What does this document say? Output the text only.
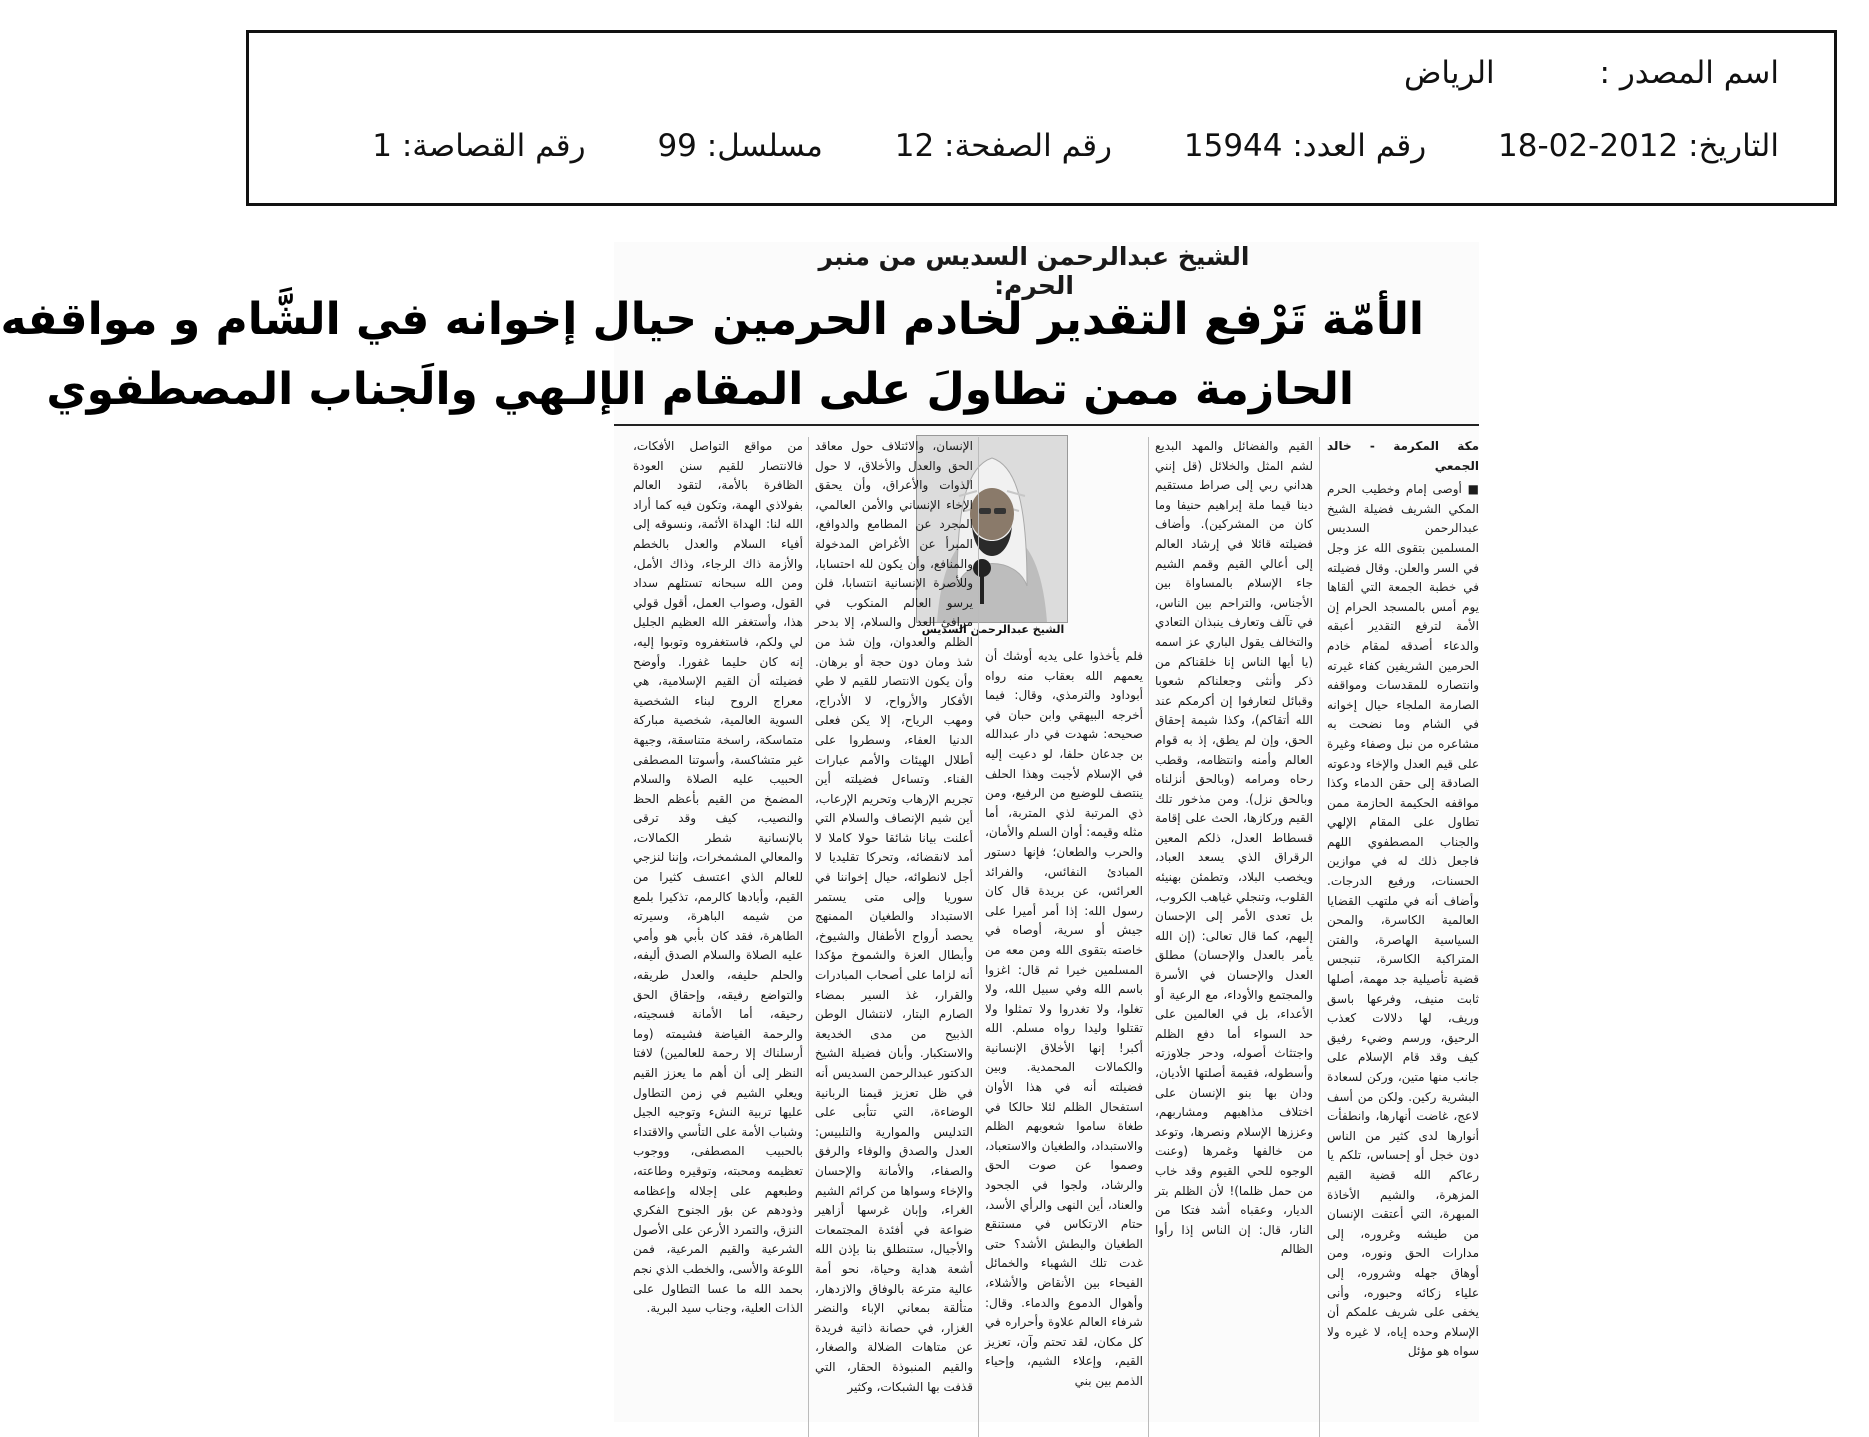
اسم المصدر : الرياض
التاريخ: 2012-02-18 رقم العدد: 15944 رقم الصفحة: 12 مسلسل: 99 رقم القصاصة: 1
الشيخ عبدالرحمن السديس من منبر الحرم:
الأمّة تَرْفع التقدير لخادم الحرمين حيال إخوانه في الشَّام و مواقفه
الحازمة ممن تطاولَ على المقام الإلـهي والَجناب المصطفوي
مكة المكرمة - خالد الجمعي

■ أوصى إمام وخطيب الحرم المكي الشريف فضيلة الشيخ عبدالرحمن السديس المسلمين بتقوى الله عز وجل في السر والعلن. وقال فضيلته في خطبة الجمعة التي ألقاها يوم أمس بالمسجد الحرام إن الأمة لترفع التقدير أعبقه والدعاء أصدقه لمقام خادم الحرمين الشريفين كفاء غيرته وانتصاره للمقدسات ومواقفه الصارمة الملجاء حيال إخوانه في الشام وما نضحت به مشاعره من نبل وصفاء وغيرة على قيم العدل والإخاء ودعوته الصادقة إلى حقن الدماء وكذا مواقفه الحكيمة الحازمة ممن تطاول على المقام الإلهي والجناب المصطفوي اللهم فاجعل ذلك له في موازين الحسنات، ورفيع الدرجات. وأضاف أنه في ملتهب القضايا العالمية الكاسرة، والمحن السياسية الهاصرة، والفتن المتراكبة الكاسرة، تنبجس قضية تأصيلية جد مهمة، أصلها ثابت منيف، وفرعها باسق وريف، لها دلالات كعذب الرحيق، ورسم وضيء رفيق كيف وقد قام الإسلام على جانب منها متين، وركن لسعادة البشرية ركين. ولكن من أسف لاعج، غاضت أنهارها، وانطفأت أنوارها لدى كثير من الناس دون خجل أو إحساس، تلكم يا رعاكم الله قضية القيم المزهرة، والشيم الأخاذة المبهرة، التي أعتقت الإنسان من طيشه وغروره، إلى مدارات الحق ونوره، ومن أوهاق جهله وشروره، إلى علياء زكائه وحبوره، وأنى يخفى على شريف علمكم أن الإسلام وحده إياه، لا غيره ولا سواه هو مؤئل

القيم والفضائل والمهد البديع لشم المثل والخلائل (قل إنني هداني ربي إلى صراط مستقيم دينا قيما ملة إبراهيم حنيفا وما كان من المشركين). وأضاف فضيلته قائلا في إرشاد العالم إلى أعالي القيم وقمم الشيم جاء الإسلام بالمساواة بين الأجناس، والتراحم بين الناس، في تآلف وتعارف ينبذان التعادي والتخالف يقول الباري عز اسمه (يا أيها الناس إنا خلقناكم من ذكر وأنثى وجعلناكم شعوبا وقبائل لتعارفوا إن أكرمكم عند الله أتقاكم)، وكذا شيمة إحقاق الحق، وإن لم يطق، إذ به قوام العالم وأمنه وانتظامه، وقطب رحاه ومرامه (وبالحق أنزلناه وبالحق نزل). ومن مذخور تلك القيم وركازها، الحث على إقامة قسطاط العدل، ذلكم المعين الرقراق الذي يسعد العباد، ويخصب البلاد، وتطمئن بهنيئه القلوب، وتنجلي غياهب الكروب، بل تعدى الأمر إلى الإحسان إليهم، كما قال تعالى: (إن الله يأمر بالعدل والإحسان) مطلق العدل والإحسان في الأسرة والمجتمع والأوداء، مع الرعية أو الأعداء، بل في العالمين على حد السواء أما دفع الظلم واجتثاث أصوله، ودحر جلاوزته وأسطوله، فقيمة أصلتها الأديان، ودان بها بنو الإنسان على اختلاف مذاهبهم ومشاربهم، وعززها الإسلام ونصرها، وتوعد من خالفها وغمرها (وعنت الوجوه للحي القيوم وقد خاب من حمل ظلما)! لأن الظلم بتر الديار، وعقباه أشد فتكا من النار، قال: إن الناس إذا رأوا الظالم

الشيخ عبدالرحمن السديس

فلم يأخذوا على يديه أوشك أن يعمهم الله بعقاب منه رواه أبوداود والترمذي، وقال: فيما أخرجه البيهقي وابن حبان في صحيحه: شهدت في دار عبدالله بن جدعان حلفا، لو دعيت إليه في الإسلام لأجبت وهذا الحلف ينتصف للوضيع من الرفيع، ومن ذي المرتبة لذي المتربة، أما مثله وقيمه: أوان السلم والأمان، والحرب والطعان؛ فإنها دستور المبادئ النفائس، والفرائد العرائس، عن بريدة قال كان رسول الله: إذا أمر أميرا على جيش أو سرية، أوصاه في خاصته بتقوى الله ومن معه من المسلمين خيرا ثم قال: اغزوا باسم الله وفي سبيل الله، ولا تغلوا، ولا تغدروا ولا تمثلوا ولا تقتلوا وليدا رواه مسلم. الله أكبر! إنها الأخلاق الإنسانية والكمالات المحمدية. وبين فضيلته أنه في هذا الأوان استفحال الظلم لئلا حالكا في طغاة ساموا شعوبهم الظلم والاستبداد، والطغيان والاستعباد، وصموا عن صوت الحق والرشاد، ولجوا في الجحود والعناد، أين النهى والرأي الأسد، حتام الارتكاس في مستنقع الطغيان والبطش الأشد؟ حتى غدت تلك الشهباء والخمائل الفيحاء بين الأنقاض والأشلاء، وأهوال الدموع والدماء. وقال: شرفاء العالم علاوة وأحراره في كل مكان، لقد تحتم وآن، تعزيز القيم، وإعلاء الشيم، وإحياء الذمم بين بني

الإنسان، والائتلاف حول معاقد الحق والعدل والأخلاق، لا حول الذوات والأعراق، وأن يحقق الإخاء الإنساني والأمن العالمي، المجرد عن المطامع والدوافع، المبرأ عن الأغراض المدخولة والمنافع، وأن يكون لله احتسابا، وللأصرة الإنسانية انتسابا، فلن يرسو العالم المنكوب في مرافئ العدل والسلام، إلا بدحر الظلم والعدوان، وإن شذ من شذ ومان دون حجة أو برهان. وأن يكون الانتصار للقيم لا طي الأفكار والأرواح، لا الأدراج، ومهب الرياح، إلا يكن فعلى الدنيا العفاء، وسطروا على أطلال الهيئات والأمم عبارات الفناء. وتساءل فضيلته أين تجريم الإرهاب وتحريم الإرعاب، أين شيم الإنصاف والسلام التي أعلنت بيانا شائقا حولا كاملا لا أمد لانقضائه، وتحركا تقليديا لا أجل لانطوائه، حيال إخواننا في سوريا وإلى متى يستمر الاستبداد والطغيان الممنهج يحصد أرواح الأطفال والشيوخ، وأبطال العزة والشموخ مؤكدا أنه لزاما على أصحاب المبادرات والقرار، غذ السير بمضاء الصارم البتار، لانتشال الوطن الذبيح من مدى الخديعة والاستكبار. وأبان فضيلة الشيخ الدكتور عبدالرحمن السديس أنه في ظل تعزيز قيمنا الربانية الوضاءة، التي تتأبى على التدليس والموارية والتلبيس: العدل والصدق والوفاء والرفق والصفاء، والأمانة والإحسان والإخاء وسواها من كرائم الشيم الغراء، وإبان غرسها أزاهير ضواعة في أفئدة المجتمعات والأجيال، ستنطلق بنا بإذن الله أشعة هداية وحياة، نحو أمة عالية مترعة بالوفاق والازدهار، متألقة بمعاني الإباء والنضر الغزار، في حصانة ذاتية فريدة عن متاهات الضلالة والصغار، والقيم المنبوذة الحقار، التي قذفت بها الشبكات، وكثير

من مواقع التواصل الأفكات، فالانتصار للقيم سنن العودة الظافرة بالأمة، لتقود العالم بفولاذي الهمة، وتكون فيه كما أراد الله لنا: الهداة الأئمة، ونسوقه إلى أفياء السلام والعدل بالخطم والأزمة ذاك الرجاء، وذاك الأمل، ومن الله سبحانه تستلهم سداد القول، وصواب العمل، أقول قولي هذا، وأستغفر الله العظيم الجليل لي ولكم، فاستغفروه وتوبوا إليه، إنه كان حليما غفورا. وأوضح فضيلته أن القيم الإسلامية، هي معراج الروح لبناء الشخصية السوية العالمية، شخصية مباركة متماسكة، راسخة متناسقة، وجيهة غير متشاكسة، وأسوتنا المصطفى الحبيب عليه الصلاة والسلام المضمخ من القيم بأعظم الحظ والنصيب، كيف وقد ترقى بالإنسانية شطر الكمالات، والمعالي المشمخرات، وإننا لنزجي للعالم الذي اعتسف كثيرا من القيم، وأبادها كالرمم، تذكيرا بلمع من شيمه الباهرة، وسيرته الطاهرة، فقد كان بأبي هو وأمي عليه الصلاة والسلام الصدق أليفه، والحلم حليفه، والعدل طريقه، والتواضع رفيقه، وإحقاق الحق رحيقه، أما الأمانة فسجيته، والرحمة الفياضة فشيمته (وما أرسلناك إلا رحمة للعالمين) لافتا النظر إلى أن أهم ما يعزز القيم ويعلي الشيم في زمن التطاول عليها تربية النشء وتوجيه الجيل وشباب الأمة على التأسي والاقتداء بالحبيب المصطفى، ووجوب تعظيمه ومحبته، وتوقيره وطاعته، وطبعهم على إجلاله وإعظامه وذودهم عن بؤر الجنوح الفكري النزق، والتمرد الأرعن على الأصول الشرعية والقيم المرعية، فمن اللوعة والأسى، والخطب الذي نجم بحمد الله ما عسا التطاول على الذات العلية، وجناب سيد البرية.
